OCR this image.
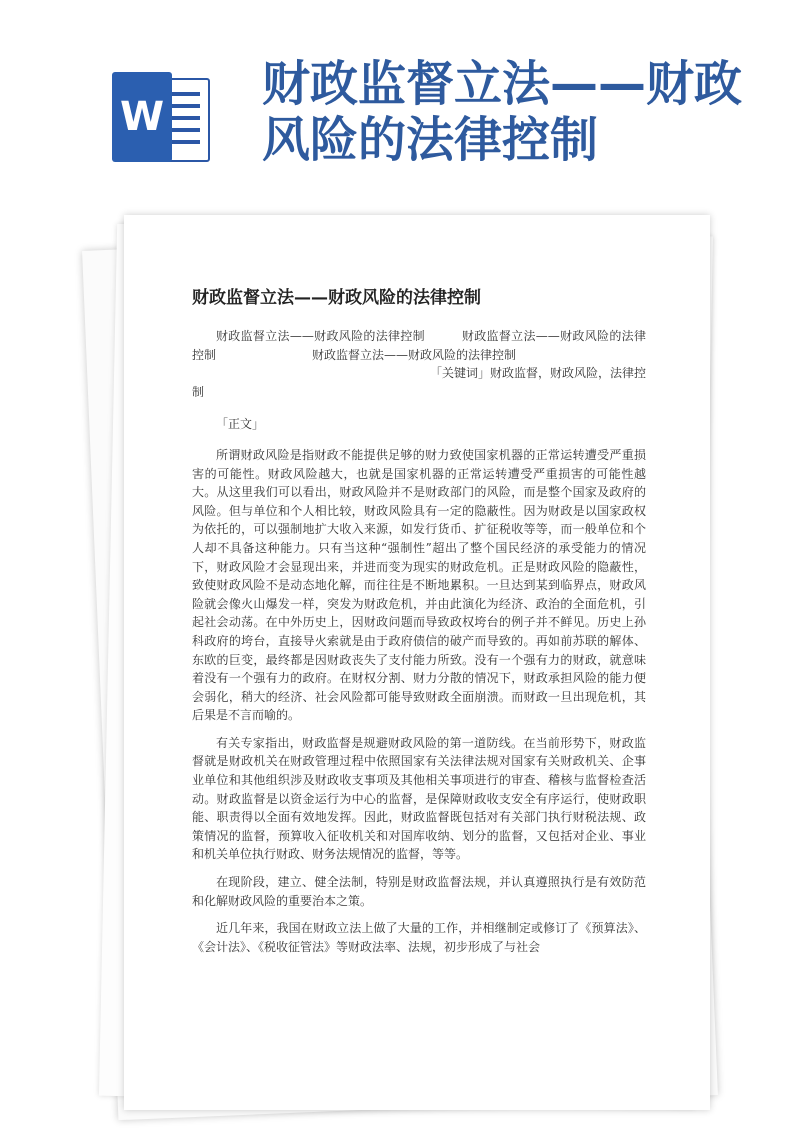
W
财政监督立法——财政风险的法律控制
财政监督立法——财政风险的法律控制

财政监督立法——财政风险的法律控制　　　财政监督立法——财政风险的法律控制　　　　　　　　财政监督立法——财政风险的法律控制

「关键词」财政监督，财政风险，法律控

制

「正文」

所谓财政风险是指财政不能提供足够的财力致使国家机器的正常运转遭受严重损害的可能性。财政风险越大，也就是国家机器的正常运转遭受严重损害的可能性越大。从这里我们可以看出，财政风险并不是财政部门的风险，而是整个国家及政府的风险。但与单位和个人相比较，财政风险具有一定的隐蔽性。因为财政是以国家政权为依托的，可以强制地扩大收入来源，如发行货币、扩征税收等等，而一般单位和个人却不具备这种能力。只有当这种“强制性”超出了整个国民经济的承受能力的情况下，财政风险才会显现出来，并进而变为现实的财政危机。正是财政风险的隐蔽性，致使财政风险不是动态地化解，而往往是不断地累积。一旦达到某到临界点，财政风险就会像火山爆发一样，突发为财政危机，并由此演化为经济、政治的全面危机，引起社会动荡。在中外历史上，因财政问题而导致政权垮台的例子并不鲜见。历史上孙科政府的垮台，直接导火索就是由于政府债信的破产而导致的。再如前苏联的解体、东欧的巨变，最终都是因财政丧失了支付能力所致。没有一个强有力的财政，就意味着没有一个强有力的政府。在财权分割、财力分散的情况下，财政承担风险的能力便会弱化，稍大的经济、社会风险都可能导致财政全面崩溃。而财政一旦出现危机，其后果是不言而喻的。

有关专家指出，财政监督是规避财政风险的第一道防线。在当前形势下，财政监督就是财政机关在财政管理过程中依照国家有关法律法规对国家有关财政机关、企事业单位和其他组织涉及财政收支事项及其他相关事项进行的审查、稽核与监督检查活动。财政监督是以资金运行为中心的监督，是保障财政收支安全有序运行，使财政职能、职责得以全面有效地发挥。因此，财政监督既包括对有关部门执行财税法规、政策情况的监督，预算收入征收机关和对国库收纳、划分的监督，又包括对企业、事业和机关单位执行财政、财务法规情况的监督，等等。

在现阶段，建立、健全法制，特别是财政监督法规，并认真遵照执行是有效防范和化解财政风险的重要治本之策。

近几年来，我国在财政立法上做了大量的工作，并相继制定或修订了《预算法》、《会计法》、《税收征管法》等财政法率、法规，初步形成了与社会
